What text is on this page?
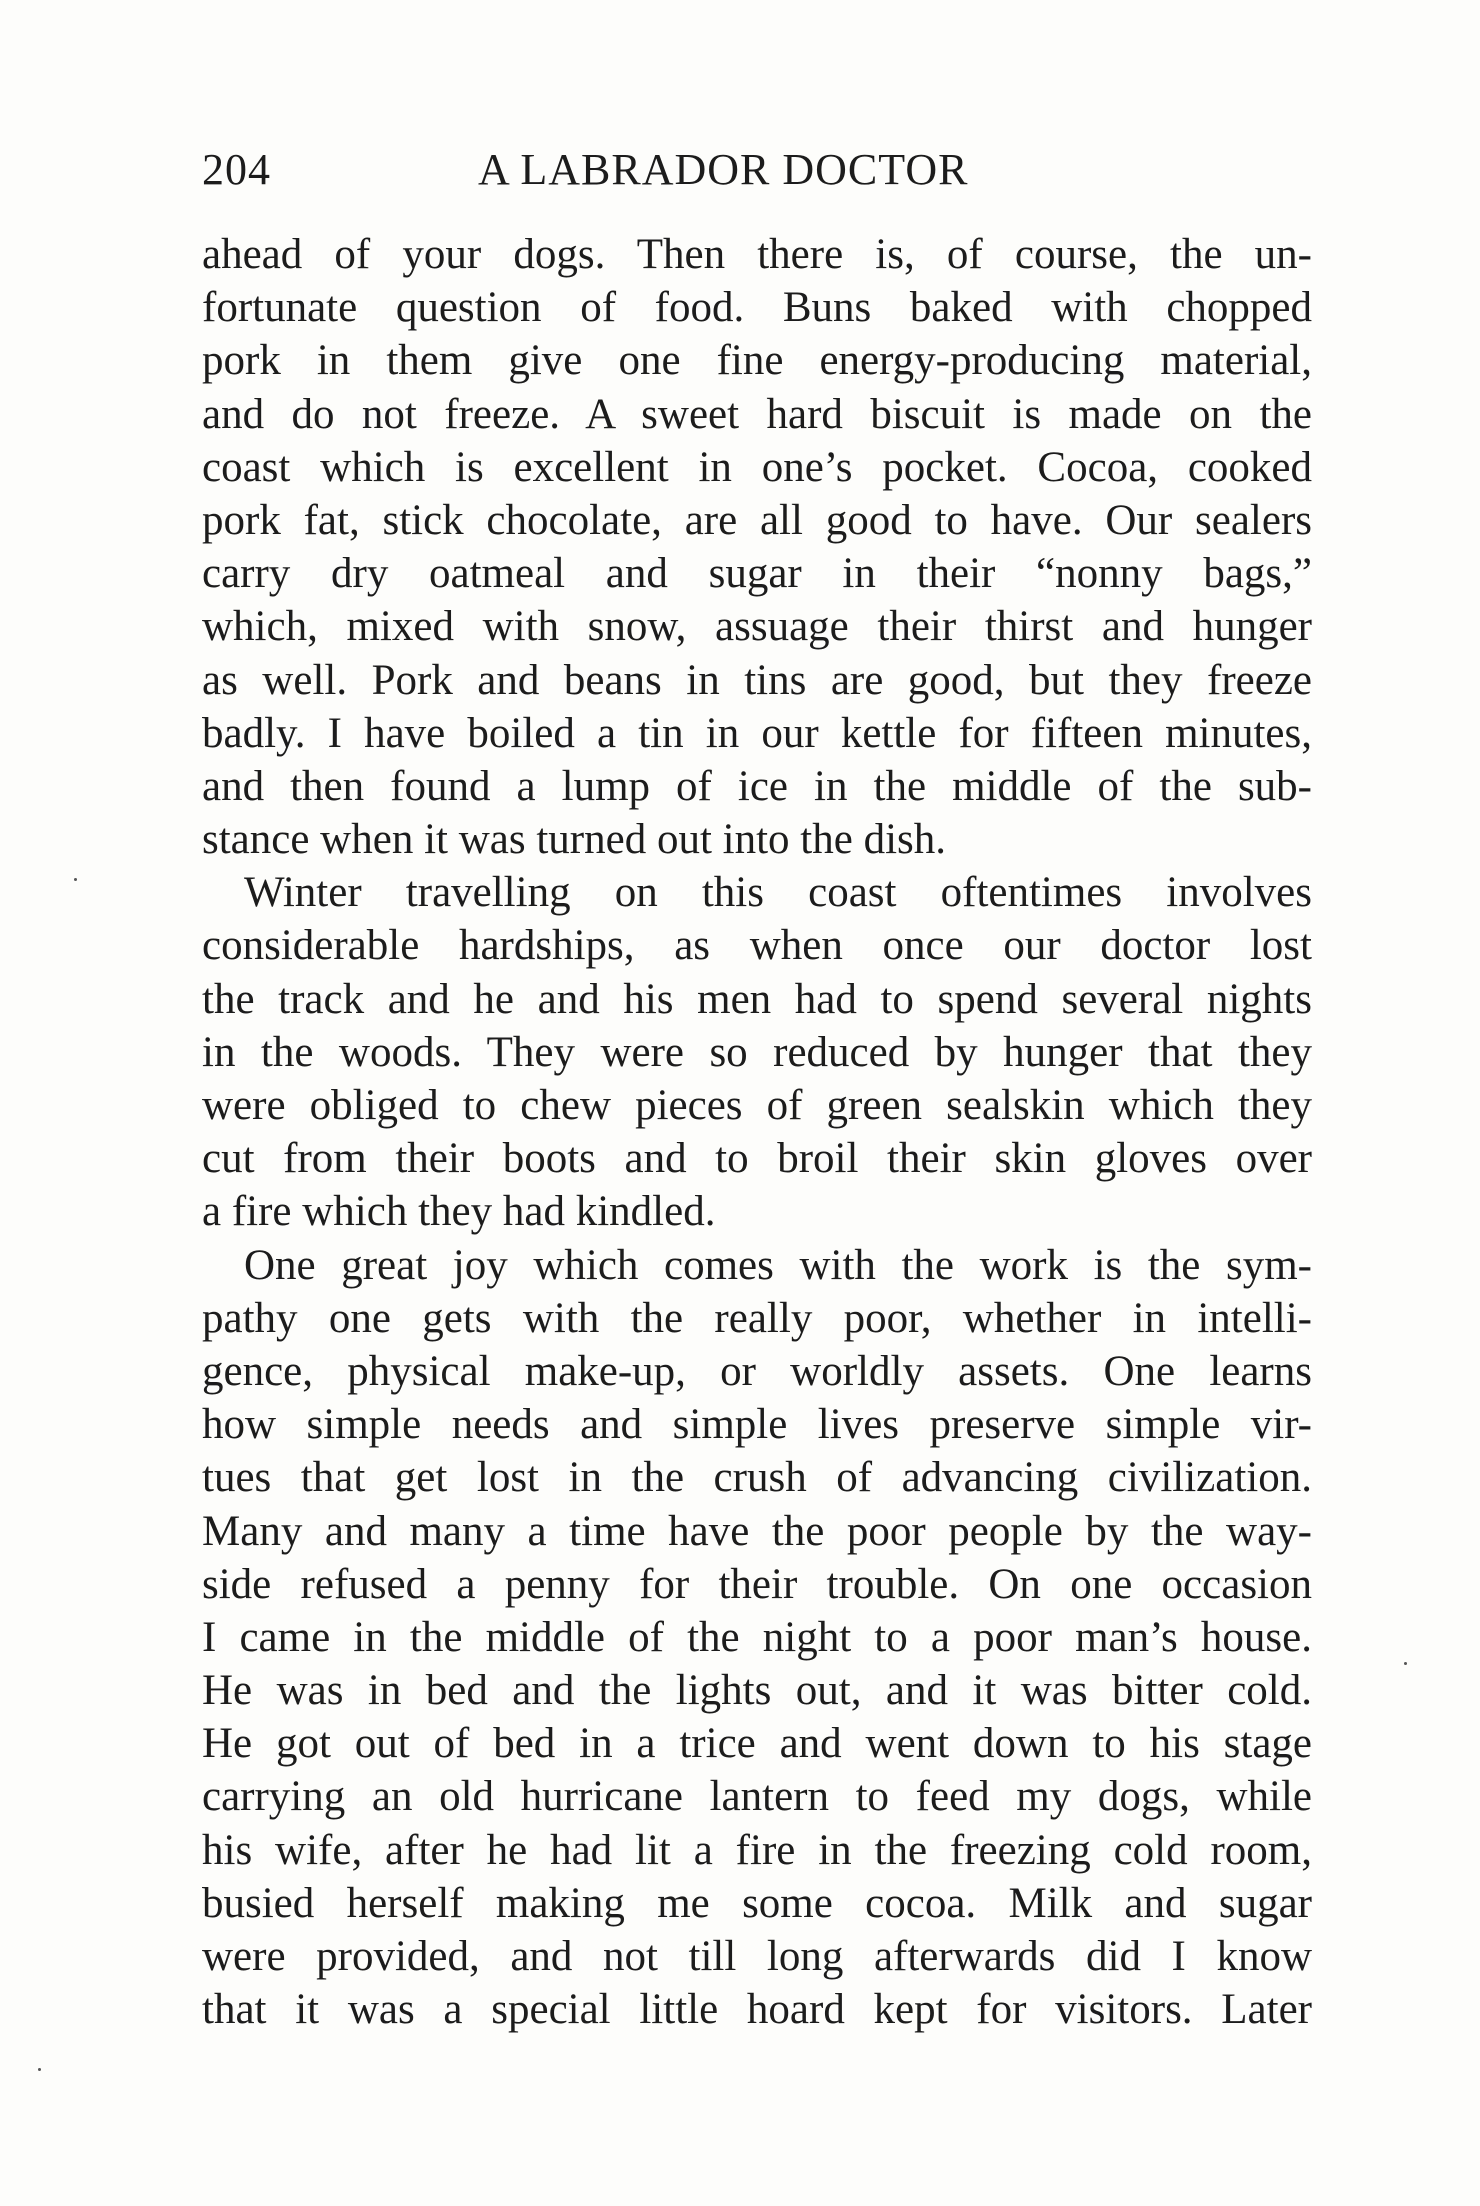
204	A LABRADOR DOCTOR
ahead of your dogs. Then there is, of course, the un-
fortunate question of food. Buns baked with chopped
pork in them give one fine energy-producing material,
and do not freeze. A sweet hard biscuit is made on the
coast which is excellent in one’s pocket. Cocoa, cooked
pork fat, stick chocolate, are all good to have. Our sealers
carry dry oatmeal and sugar in their “nonny bags,”
which, mixed with snow, assuage their thirst and hunger
as well. Pork and beans in tins are good, but they freeze
badly. I have boiled a tin in our kettle for fifteen minutes,
and then found a lump of ice in the middle of the sub-
stance when it was turned out into the dish.
Winter travelling on this coast oftentimes involves
considerable hardships, as when once our doctor lost
the track and he and his men had to spend several nights
in the woods. They were so reduced by hunger that they
were obliged to chew pieces of green sealskin which they
cut from their boots and to broil their skin gloves over
a fire which they had kindled.
One great joy which comes with the work is the sym-
pathy one gets with the really poor, whether in intelli-
gence, physical make-up, or worldly assets. One learns
how simple needs and simple lives preserve simple vir-
tues that get lost in the crush of advancing civilization.
Many and many a time have the poor people by the way-
side refused a penny for their trouble. On one occasion
I came in the middle of the night to a poor man’s house.
He was in bed and the lights out, and it was bitter cold.
He got out of bed in a trice and went down to his stage
carrying an old hurricane lantern to feed my dogs, while
his wife, after he had lit a fire in the freezing cold room,
busied herself making me some cocoa. Milk and sugar
were provided, and not till long afterwards did I know
that it was a special little hoard kept for visitors. Later
